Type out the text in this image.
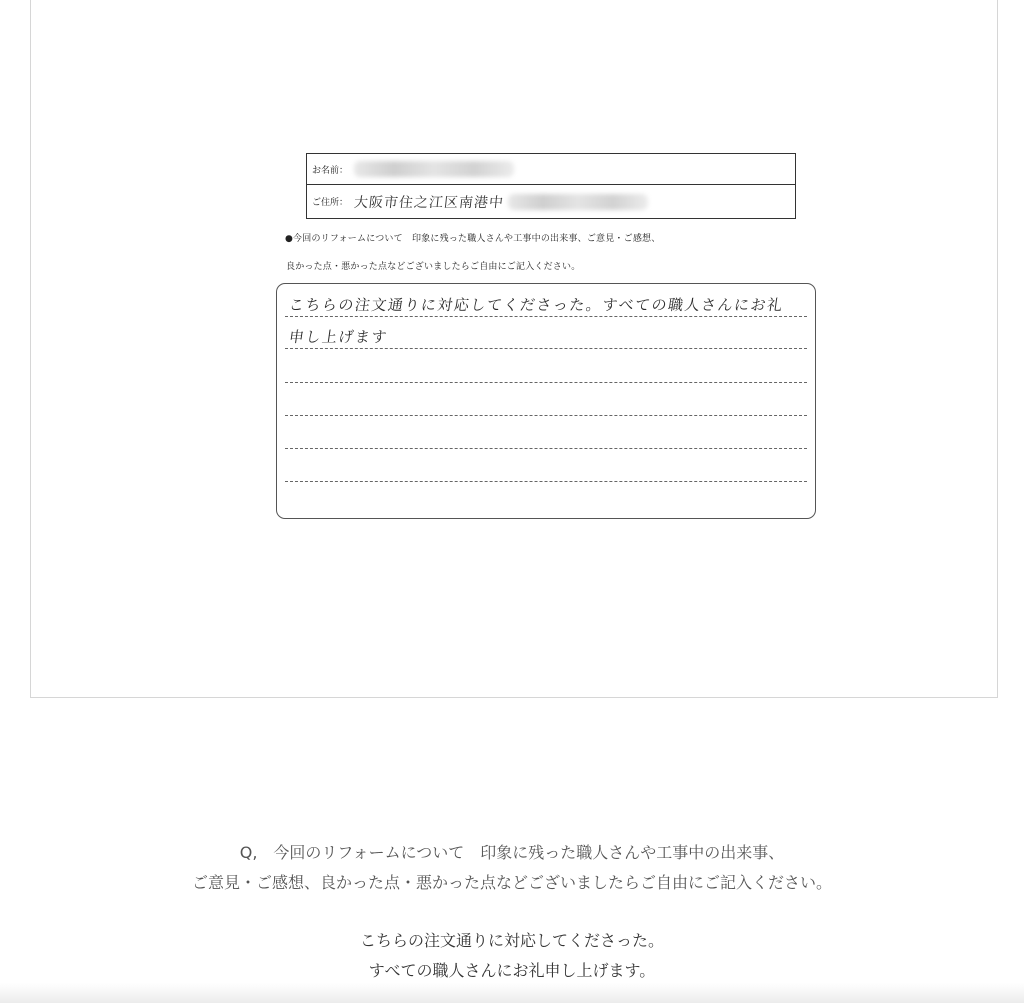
お名前：
ご住所： 大阪市住之江区南港中
●今回のリフォームについて　印象に残った職人さんや工事中の出来事、ご意見・ご感想、
良かった点・悪かった点などございましたらご自由にご記入ください。
こちらの注文通りに対応してくださった。すべての職人さんにお礼
申し上げます
Q,　今回のリフォームについて　印象に残った職人さんや工事中の出来事、
ご意見・ご感想、良かった点・悪かった点などございましたらご自由にご記入ください。
こちらの注文通りに対応してくださった。
すべての職人さんにお礼申し上げます。
